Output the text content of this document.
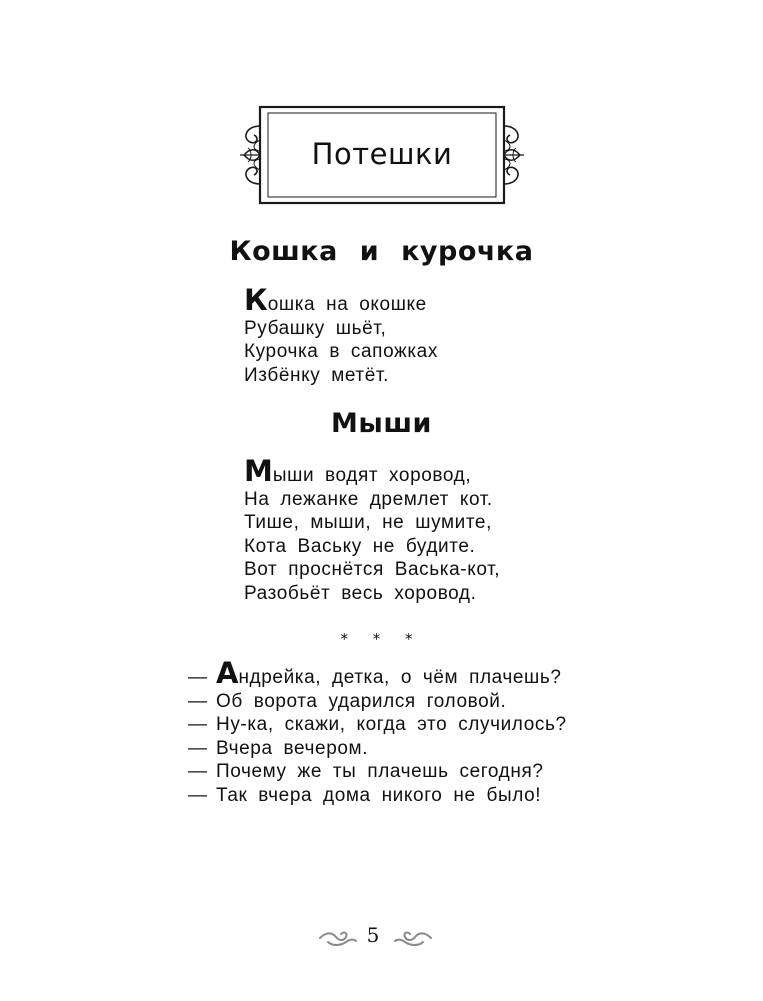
Потешки
Кошка и курочка
Кошка на окошке
Рубашку шьёт,
Курочка в сапожках
Избёнку метёт.
Мыши
Мыши водят хоровод,
На лежанке дремлет кот.
Тише, мыши, не шумите,
Кота Ваську не будите.
Вот проснётся Васька-кот,
Разобьёт весь хоровод.
* * *
— Андрейка, детка, о чём плачешь?
— Об ворота ударился головой.
— Ну-ка, скажи, когда это случилось?
— Вчера вечером.
— Почему же ты плачешь сегодня?
— Так вчера дома никого не было!
5
